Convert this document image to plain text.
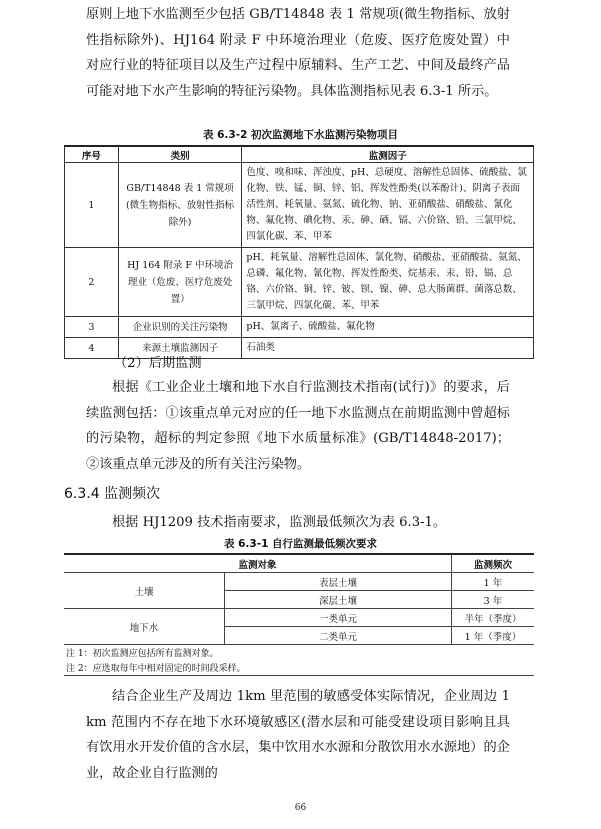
原则上地下水监测至少包括 GB/T14848 表 1 常规项(微生物指标、放射性指标除外)、HJ164 附录 F 中环境治理业（危废、医疗危废处置）中对应行业的特征项目以及生产过程中原辅料、生产工艺、中间及最终产品可能对地下水产生影响的特征污染物。具体监测指标见表 6.3-1 所示。

表 6.3-2 初次监测地下水监测污染物项目
序号	类别	监测因子
1	GB/T14848 表 1 常规项(微生物指标、放射性指标除外)	色度、嗅和味、浑浊度、pH、总硬度、溶解性总固体、硫酸盐、氯化物、铁、锰、铜、锌、铝、挥发性酚类(以苯酚计)、阴离子表面活性剂、耗氧量、氨氮、硫化物、钠、亚硝酸盐、硝酸盐、氰化物、氟化物、碘化物、汞、砷、硒、镉、六价铬、铅、三氯甲烷、四氯化碳、苯、甲苯
2	HJ 164 附录 F 中环境治理业（危废、医疗危废处置）	pH、耗氧量、溶解性总固体、氯化物、硝酸盐、亚硝酸盐、氨氮、总磷、氟化物、氰化物、挥发性酚类、烷基汞、汞、铅、镉、总铬、六价铬、铜、锌、铍、钡、镍、砷、总大肠菌群、菌落总数、三氯甲烷、四氯化碳、苯、甲苯
3	企业识别的关注污染物	pH、氯离子、硫酸盐、氟化物
4	来源土壤监测因子	石油类
（2）后期监测

根据《工业企业土壤和地下水自行监测技术指南(试行)》的要求，后续监测包括：①该重点单元对应的任一地下水监测点在前期监测中曾超标的污染物，超标的判定参照《地下水质量标准》(GB/T14848-2017)；②该重点单元涉及的所有关注污染物。

6.3.4 监测频次

根据 HJ1209 技术指南要求，监测最低频次为表 6.3-1。

表 6.3-1 自行监测最低频次要求
监测对象		监测频次
土壤	表层土壤	1 年
	深层土壤	3 年
地下水	一类单元	半年（季度）
	二类单元	1 年（季度）
注 1：初次监测应包括所有监测对象。		
注 2：应选取每年中相对固定的时间段采样。		

结合企业生产及周边 1km 里范围的敏感受体实际情况，企业周边 1km 范围内不存在地下水环境敏感区(潜水层和可能受建设项目影响且具有饮用水开发价值的含水层，集中饮用水水源和分散饮用水水源地）的企业，故企业自行监测的

66
